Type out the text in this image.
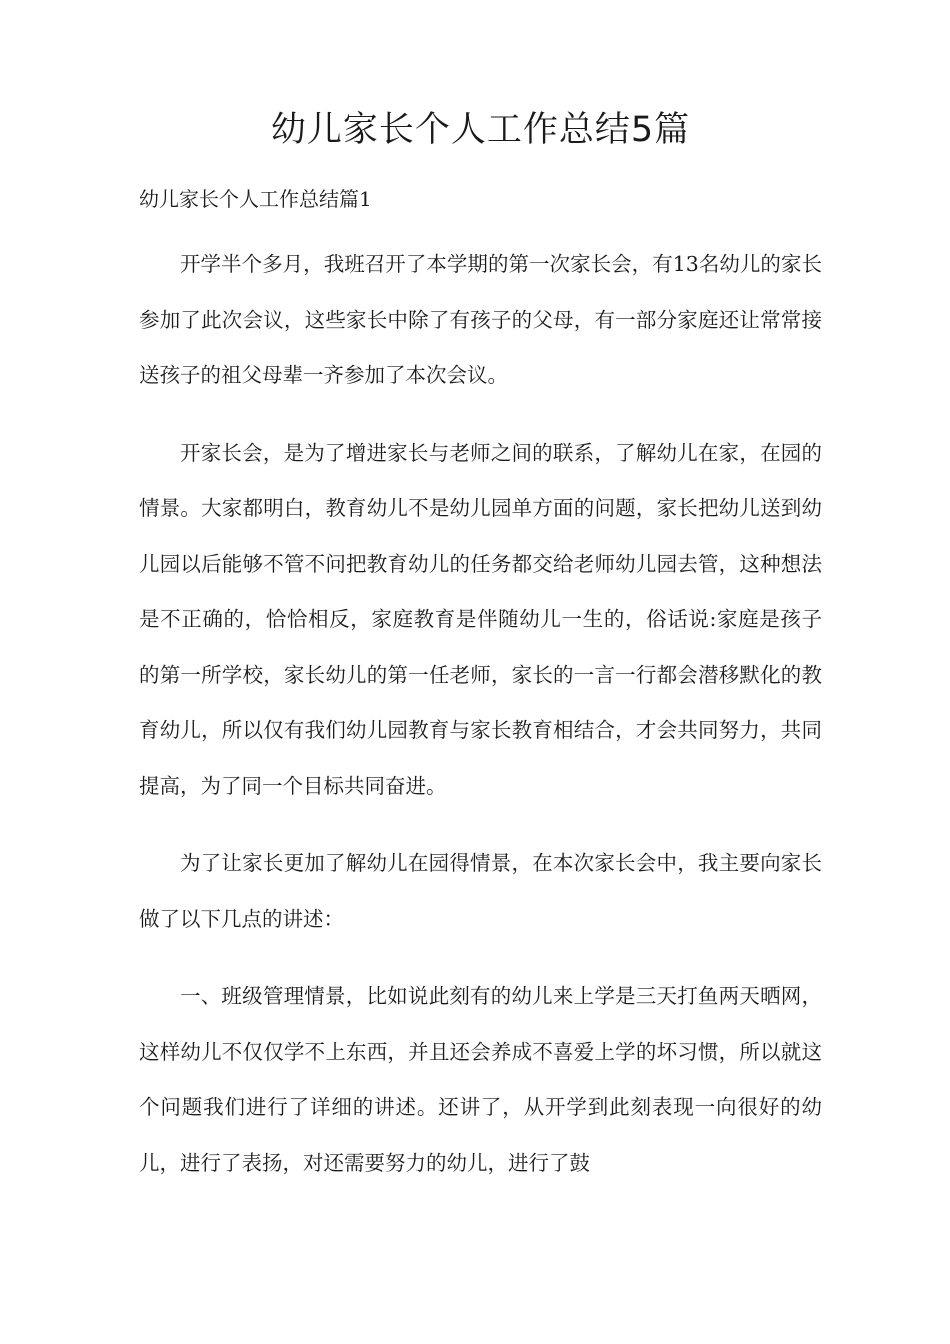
幼儿家长个人工作总结5篇

幼儿家长个人工作总结篇1

开学半个多月，我班召开了本学期的第一次家长会，有13名幼儿的家长参加了此次会议，这些家长中除了有孩子的父母，有一部分家庭还让常常接送孩子的祖父母辈一齐参加了本次会议。

开家长会，是为了增进家长与老师之间的联系，了解幼儿在家，在园的情景。大家都明白，教育幼儿不是幼儿园单方面的问题，家长把幼儿送到幼儿园以后能够不管不问把教育幼儿的任务都交给老师幼儿园去管，这种想法是不正确的，恰恰相反，家庭教育是伴随幼儿一生的，俗话说:家庭是孩子的第一所学校，家长幼儿的第一任老师，家长的一言一行都会潜移默化的教育幼儿，所以仅有我们幼儿园教育与家长教育相结合，才会共同努力，共同提高，为了同一个目标共同奋进。

为了让家长更加了解幼儿在园得情景，在本次家长会中，我主要向家长做了以下几点的讲述：

一、班级管理情景，比如说此刻有的幼儿来上学是三天打鱼两天晒网，这样幼儿不仅仅学不上东西，并且还会养成不喜爱上学的坏习惯，所以就这个问题我们进行了详细的讲述。还讲了，从开学到此刻表现一向很好的幼儿，进行了表扬，对还需要努力的幼儿，进行了鼓
